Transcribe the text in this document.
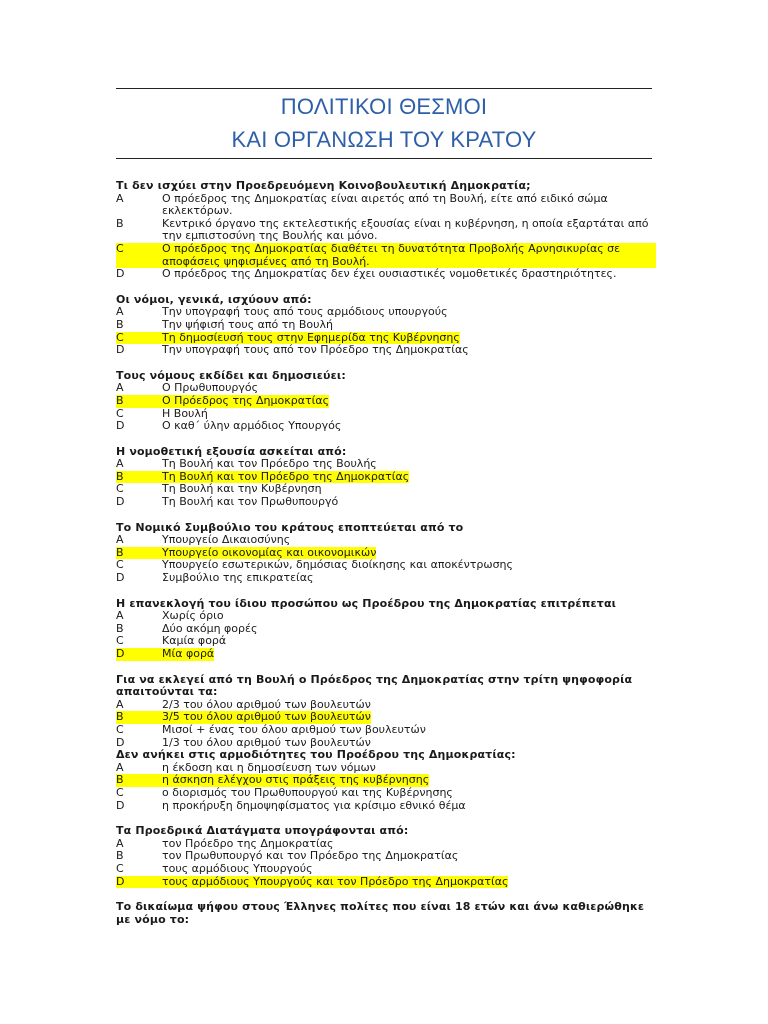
ΠΟΛΙΤΙΚΟΙ ΘΕΣΜΟΙ
ΚΑΙ ΟΡΓΑΝΩΣΗ ΤΟΥ ΚΡΑΤΟΥ
Τι δεν ισχύει στην Προεδρευόμενη Κοινοβουλευτική Δημοκρατία;
A	Ο πρόεδρος της Δημοκρατίας είναι αιρετός από τη Βουλή, είτε από ειδικό σώμα εκλεκτόρων.
B	Κεντρικό όργανο της εκτελεστικής εξουσίας είναι η κυβέρνηση, η οποία εξαρτάται από την εμπιστοσύνη της Βουλής και μόνο.
C	Ο πρόεδρος της Δημοκρατίας διαθέτει τη δυνατότητα Προβολής Αρνησικυρίας σε αποφάσεις ψηφισμένες από τη Βουλή.
D	Ο πρόεδρος της Δημοκρατίας δεν έχει ουσιαστικές νομοθετικές δραστηριότητες.
Οι νόμοι, γενικά, ισχύουν από:
A	Την υπογραφή τους από τους αρμόδιους υπουργούς
B	Την ψήφισή τους από τη Βουλή
C	Τη δημοσίευσή τους στην Εφημερίδα της Κυβέρνησης
D	Την υπογραφή τους από τον Πρόεδρο της Δημοκρατίας
Τους νόμους εκδίδει και δημοσιεύει:
A	Ο Πρωθυπουργός
B	Ο Πρόεδρος της Δημοκρατίας
C	Η Βουλή
D	Ο καθ΄ ύλην αρμόδιος Υπουργός
Η νομοθετική εξουσία ασκείται από:
A	Τη Βουλή και τον Πρόεδρο της Βουλής
B	Τη Βουλή και τον Πρόεδρο της Δημοκρατίας
C	Τη Βουλή και την Κυβέρνηση
D	Τη Βουλή και τον Πρωθυπουργό
Το Νομικό Συμβούλιο του κράτους εποπτεύεται από το
A	Υπουργείο Δικαιοσύνης
B	Υπουργείο οικονομίας και οικονομικών
C	Υπουργείο εσωτερικών, δημόσιας διοίκησης και αποκέντρωσης
D	Συμβούλιο της επικρατείας
Η επανεκλογή του ίδιου προσώπου ως Προέδρου της Δημοκρατίας επιτρέπεται
A	Χωρίς όριο
B	Δύο ακόμη φορές
C	Καμία φορά
D	Μία φορά
Για να εκλεγεί από τη Βουλή ο Πρόεδρος της Δημοκρατίας στην τρίτη ψηφοφορία απαιτούνται τα:
A	2/3 του όλου αριθμού των βουλευτών
B	3/5 του όλου αριθμού των βουλευτών
C	Μισοί + ένας του όλου αριθμού των βουλευτών
D	1/3 του όλου αριθμού των βουλευτών
Δεν ανήκει στις αρμοδιότητες του Προέδρου της Δημοκρατίας:
A	η έκδοση και η δημοσίευση των νόμων
B	η άσκηση ελέγχου στις πράξεις της κυβέρνησης
C	ο διορισμός του Πρωθυπουργού και της Κυβέρνησης
D	η προκήρυξη δημοψηφίσματος για κρίσιμο εθνικό θέμα
Τα Προεδρικά Διατάγματα υπογράφονται από:
A	τον Πρόεδρο της Δημοκρατίας
B	τον Πρωθυπουργό και τον Πρόεδρο της Δημοκρατίας
C	τους αρμόδιους Υπουργούς
D	τους αρμόδιους Υπουργούς και τον Πρόεδρο της Δημοκρατίας
Το δικαίωμα ψήφου στους Έλληνες πολίτες που είναι 18 ετών και άνω καθιερώθηκε με νόμο το:
